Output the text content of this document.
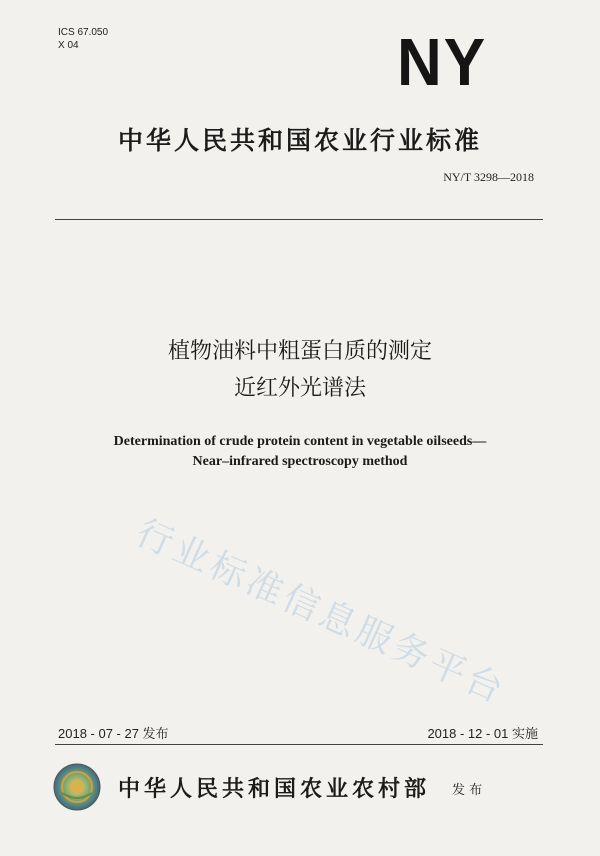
ICS 67.050
X 04	NY
中华人民共和国农业行业标准
NY/T 3298—2018
植物油料中粗蛋白质的测定
近红外光谱法
Determination of crude protein content in vegetable oilseeds—
Near–infrared spectroscopy method
行业标准信息服务平台
2018 - 07 - 27 发布	2018 - 12 - 01 实施
中华人民共和国农业农村部 发 布
